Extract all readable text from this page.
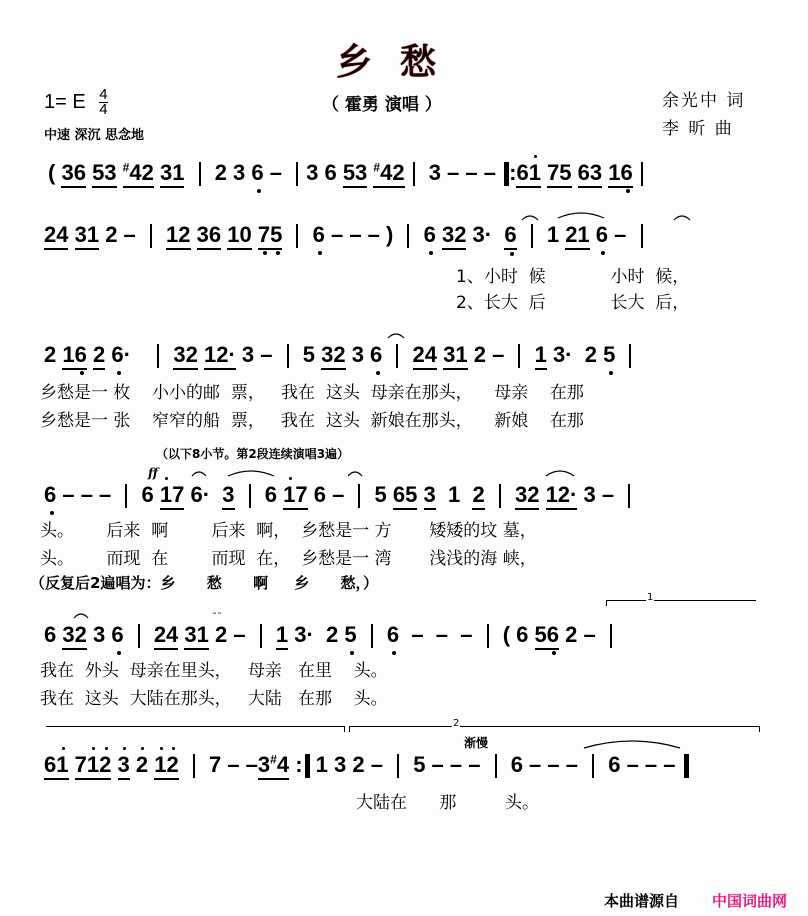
乡愁
1= E $\frac{4}{4}$
中速 深沉 思念地
（ 霍勇 演唱 ）	余光中 词
李 昕 曲
( 36 53 #42 31  2 3 6 – 3 6 53 #42 3 – – – :61 75 63 16
24 31 2 –  12 36 10 75 6 – – – )  6 32 3·  6  1 21 6 –
1、小时  候            小时  候，
2、长大  后            长大  后，
2 16 2 6·    32 12· 3 –  5 32 3 6 24 31 2 –  1 3·  2 5
乡愁是一 枚    小小的邮  票，   我在  这头  母亲在那头，    母亲    在那
乡愁是一 张    窄窄的船  票，   我在  这头  新娘在那头，    新娘    在那
（以下8小节。第2段连续演唱3遍）
ff
6 – – –  6 17 6·  3  6 17 6 –  5 65 3  1  2 32 12· 3 –
头。      后来  啊        后来  啊，  乡愁是一 方       矮矮的坟 墓，
头。      而现  在        而现  在，  乡愁是一 湾       浅浅的海 峡，
（反复后2遍唱为：乡      愁      啊     乡      愁，）
1
6 32 3 6 24 31 2 –  1 3·  2 5 6  –  –  –  ( 6 56 2 –
˜˜
我在  外头  母亲在里头，   母亲   在里    头。
我在  这头  大陆在那头，   大陆   在那    头。
2
渐慢
61 712 3 2 12  7 – –3#4 : 1 3 2 –  5 – – –  6 – – –  6 – – –
大陆在      那         头。
本曲谱源自 中国词曲网
